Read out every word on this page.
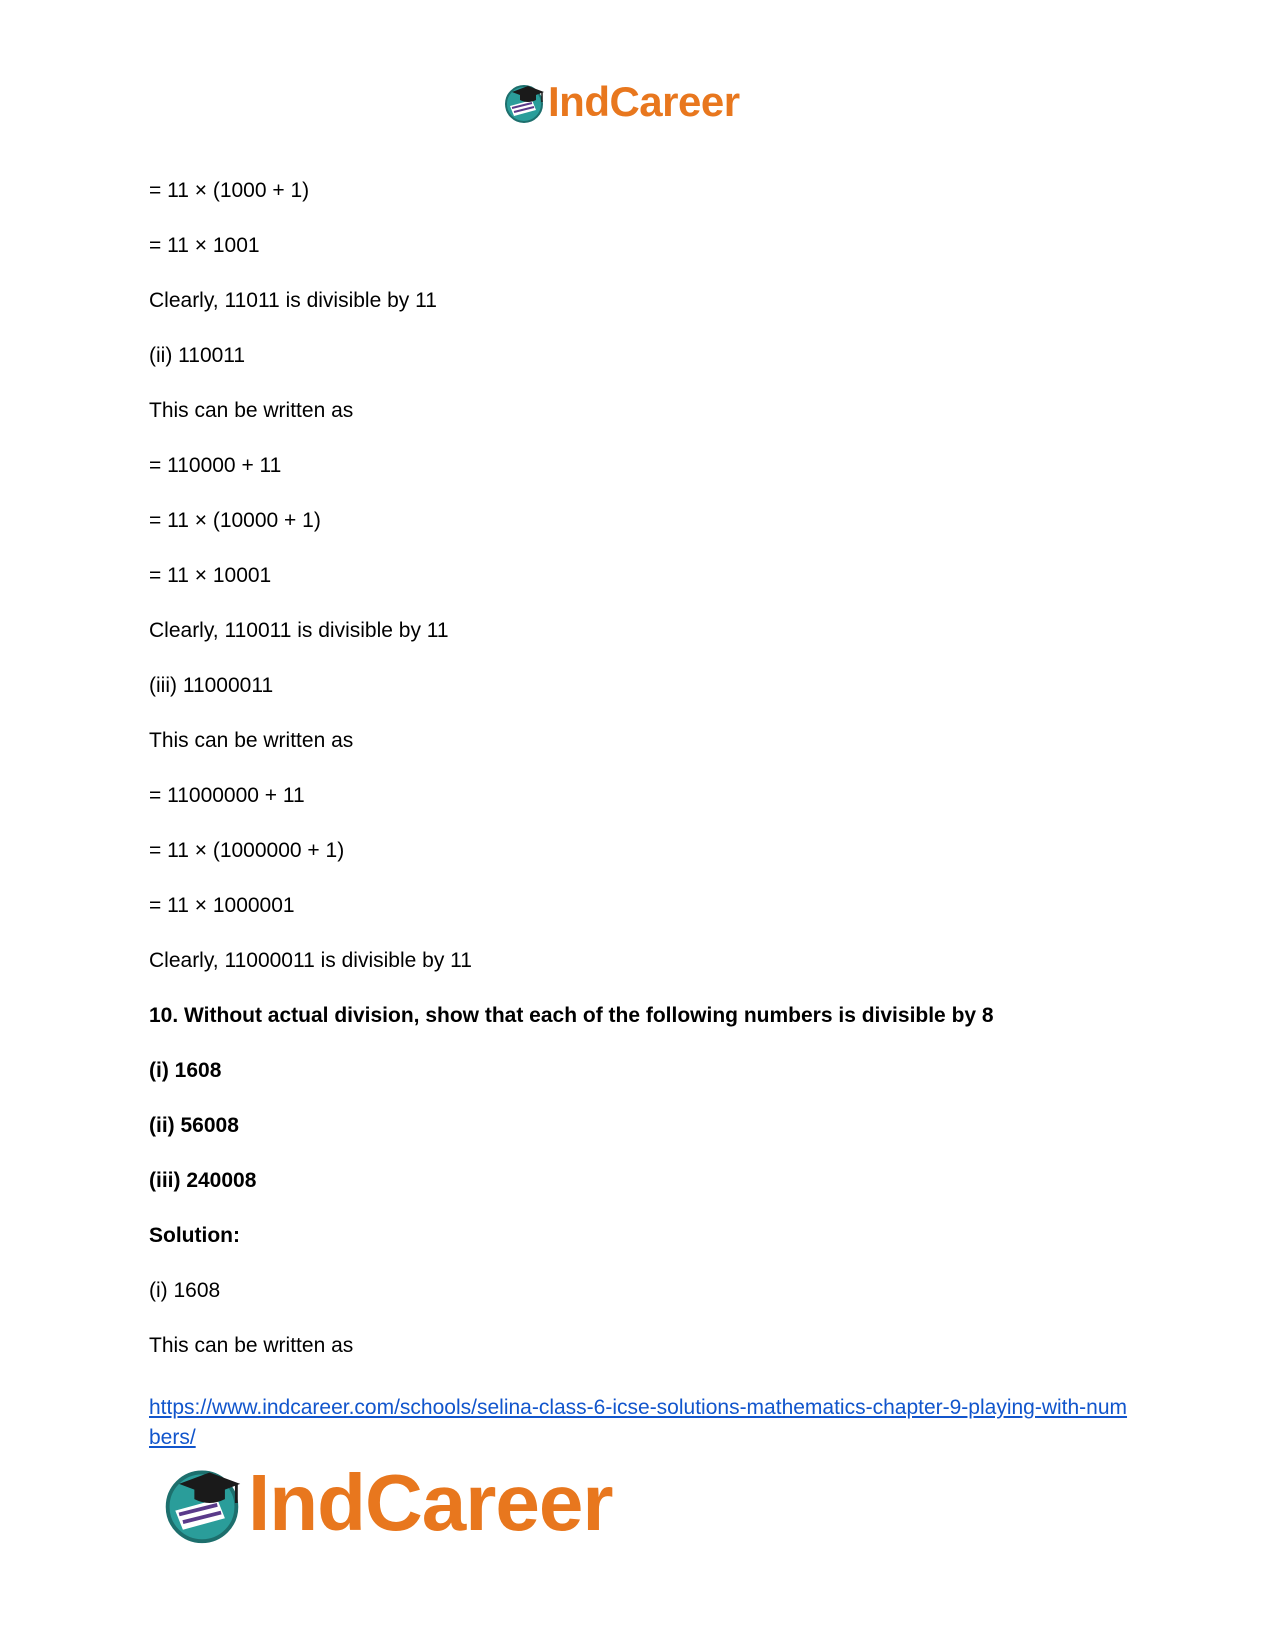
IndCareer
= 11 × (1000 + 1)
= 11 × 1001
Clearly, 11011 is divisible by 11
(ii) 110011
This can be written as
= 110000 + 11
= 11 × (10000 + 1)
= 11 × 10001
Clearly, 110011 is divisible by 11
(iii) 11000011
This can be written as
= 11000000 + 11
= 11 × (1000000 + 1)
= 11 × 1000001
Clearly, 11000011 is divisible by 11
10. Without actual division, show that each of the following numbers is divisible by 8
(i) 1608
(ii) 56008
(iii) 240008
Solution:
(i) 1608
This can be written as
https://www.indcareer.com/schools/selina-class-6-icse-solutions-mathematics-chapter-9-playing-with-numbers/
IndCareer
